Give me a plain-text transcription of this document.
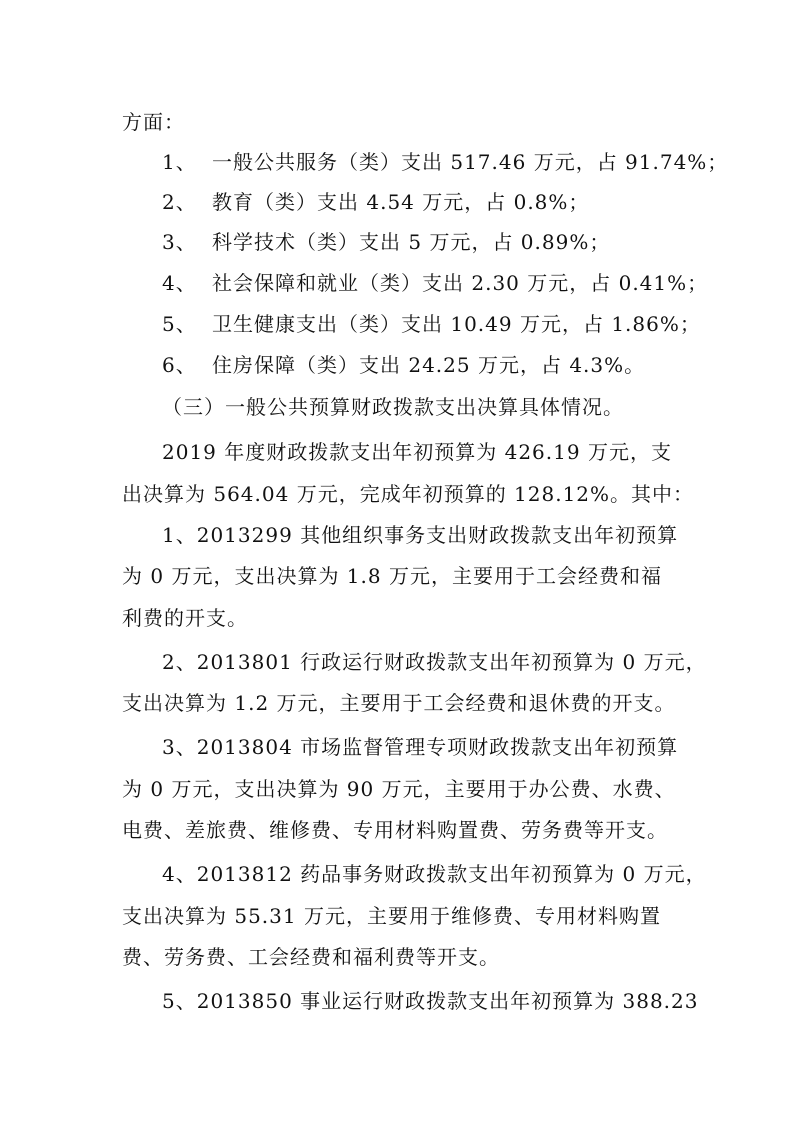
方面：
1、 一般公共服务（类）支出 517.46 万元，占 91.74%；
2、 教育（类）支出 4.54 万元，占 0.8%；
3、 科学技术（类）支出 5 万元，占 0.89%；
4、 社会保障和就业（类）支出 2.30 万元，占 0.41%；
5、 卫生健康支出（类）支出 10.49 万元，占 1.86%；
6、 住房保障（类）支出 24.25 万元，占 4.3%。
（三）一般公共预算财政拨款支出决算具体情况。
2019 年度财政拨款支出年初预算为 426.19 万元，支
出决算为 564.04 万元，完成年初预算的 128.12%。其中：
1、2013299 其他组织事务支出财政拨款支出年初预算
为 0 万元，支出决算为 1.8 万元，主要用于工会经费和福
利费的开支。
2、2013801 行政运行财政拨款支出年初预算为 0 万元，
支出决算为 1.2 万元，主要用于工会经费和退休费的开支。
3、2013804 市场监督管理专项财政拨款支出年初预算
为 0 万元，支出决算为 90 万元，主要用于办公费、水费、
电费、差旅费、维修费、专用材料购置费、劳务费等开支。
4、2013812 药品事务财政拨款支出年初预算为 0 万元，
支出决算为 55.31 万元，主要用于维修费、专用材料购置
费、劳务费、工会经费和福利费等开支。
5、2013850 事业运行财政拨款支出年初预算为 388.23
